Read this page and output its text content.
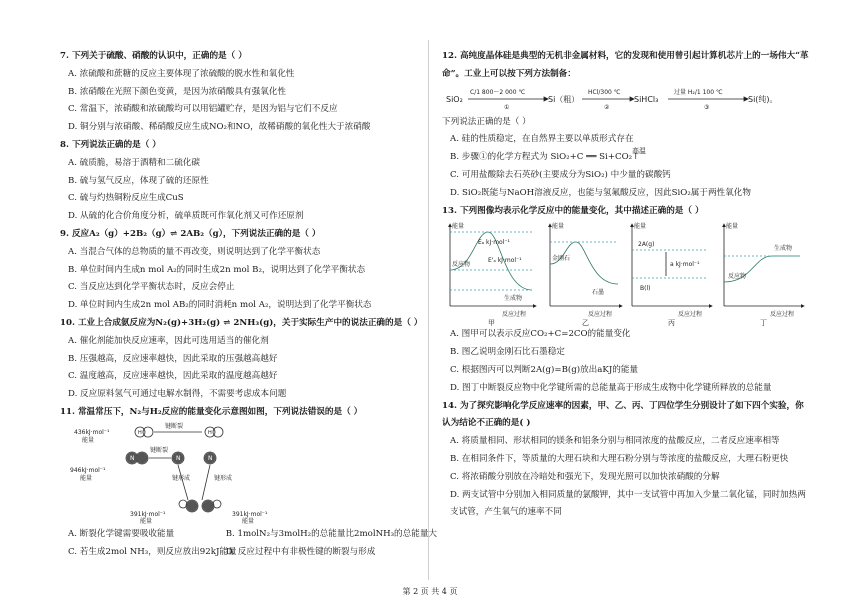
7. 下列关于硫酸、硝酸的认识中，正确的是（ ）
A. 浓硫酸和蔗糖的反应主要体现了浓硫酸的脱水性和氧化性
B. 浓硝酸在光照下颜色变黄，是因为浓硝酸具有强氧化性
C. 常温下，浓硝酸和浓硫酸均可以用铝罐贮存，是因为铝与它们不反应
D. 铜分别与浓硝酸、稀硝酸反应生成NO₂和NO，故稀硝酸的氧化性大于浓硝酸
8. 下列说法正确的是（ ）
A. 硫质脆，易溶于酒精和二硫化碳
B. 硫与氢气反应，体现了硫的还原性
C. 硫与灼热铜粉反应生成CuS
D. 从硫的化合价角度分析，硫单质既可作氧化剂又可作还原剂
9. 反应A₂（g）+2B₂（g）⇌ 2AB₂（g），下列说法正确的是（ ）
A. 当混合气体的总物质的量不再改变，则说明达到了化学平衡状态
B. 单位时间内生成n mol A₂的同时生成2n mol B₂，说明达到了化学平衡状态
C. 当反应达到化学平衡状态时，反应会停止
D. 单位时间内生成2n mol AB₂的同时消耗n mol A₂，说明达到了化学平衡状态
10. 工业上合成氨反应为N₂(g)+3H₂(g) ⇌ 2NH₃(g)，关于实际生产中的说法正确的是（ ）
A. 催化剂能加快反应速率，因此可选用适当的催化剂
B. 压强越高，反应速率越快，因此采取的压强越高越好
C. 温度越高，反应速率越快，因此采取的温度越高越好
D. 反应原料氢气可通过电解水制得，不需要考虑成本问题
11. 常温常压下，N₂与H₂反应的能量变化示意图如图，下列说法错误的是（ ）
436kJ·mol⁻¹
能量
946kJ·mol⁻¹
能量
键断裂
键断裂
键形成	键形成
391kJ·mol⁻¹
能量
391kJ·mol⁻¹
能量
N	N	N
H	H
A. 断裂化学键需要吸收能量	B. 1molN₂与3molH₂的总能量比2molNH₃的总能量大
C. 若生成2mol NH₃，则反应放出92kJ能量 D. 反应过程中有非极性键的断裂与形成
12. 高纯度晶体硅是典型的无机非金属材料，它的发现和使用曾引起计算机芯片上的一场伟大“革命”。工业上可以按下列方法制备：
SiO₂	Si（粗）	SiHCl₃	Si(纯)。
C/1 800～2 000 ℃
①
HCl/300 ℃
②
过量 H₂/1 100 ℃
③
下列说法正确的是（ ）
A. 硅的性质稳定，在自然界主要以单质形式存在
B. 步骤①的化学方程式为 SiO₂+C ══ Si+CO₂↑
高温
C. 可用盐酸除去石英砂(主要成分为SiO₂) 中少量的碳酸钙
D. SiO₂既能与NaOH溶液反应，也能与氢氟酸反应，因此SiO₂属于两性氧化物
13. 下列图像均表示化学反应中的能量变化，其中描述正确的是（ ）
能量
反应过程
反应物
生成物
Eₐ kJ·mol⁻¹
E'ₐ kJ·mol⁻¹
能量
反应过程
金刚石
石墨
能量
反应过程
2A(g)
B(l)
a kJ·mol⁻¹
能量
反应过程
反应物
生成物
甲	乙	丙	丁
A. 图甲可以表示反应CO₂+C=2CO的能量变化
B. 图乙说明金刚石比石墨稳定
C. 根据图丙可以判断2A(g)=B(g)放出aKJ的能量
D. 图丁中断裂反应物中化学键所需的总能量高于形成生成物中化学键所释放的总能量
14. 为了探究影响化学反应速率的因素，甲、乙、丙、丁四位学生分别设计了如下四个实验，你认为结论不正确的是( )
A. 将质量相同、形状相同的镁条和铝条分别与相同浓度的盐酸反应，二者反应速率相等
B. 在相同条件下，等质量的大理石块和大理石粉分别与等浓度的盐酸反应，大理石粉更快
C. 将浓硝酸分别放在冷暗处和强光下，发现光照可以加快浓硝酸的分解
D. 两支试管中分别加入相同质量的氯酸钾，其中一支试管中再加入少量二氧化锰，同时加热两支试管，产生氧气的速率不同
第 2 页 共 4 页
